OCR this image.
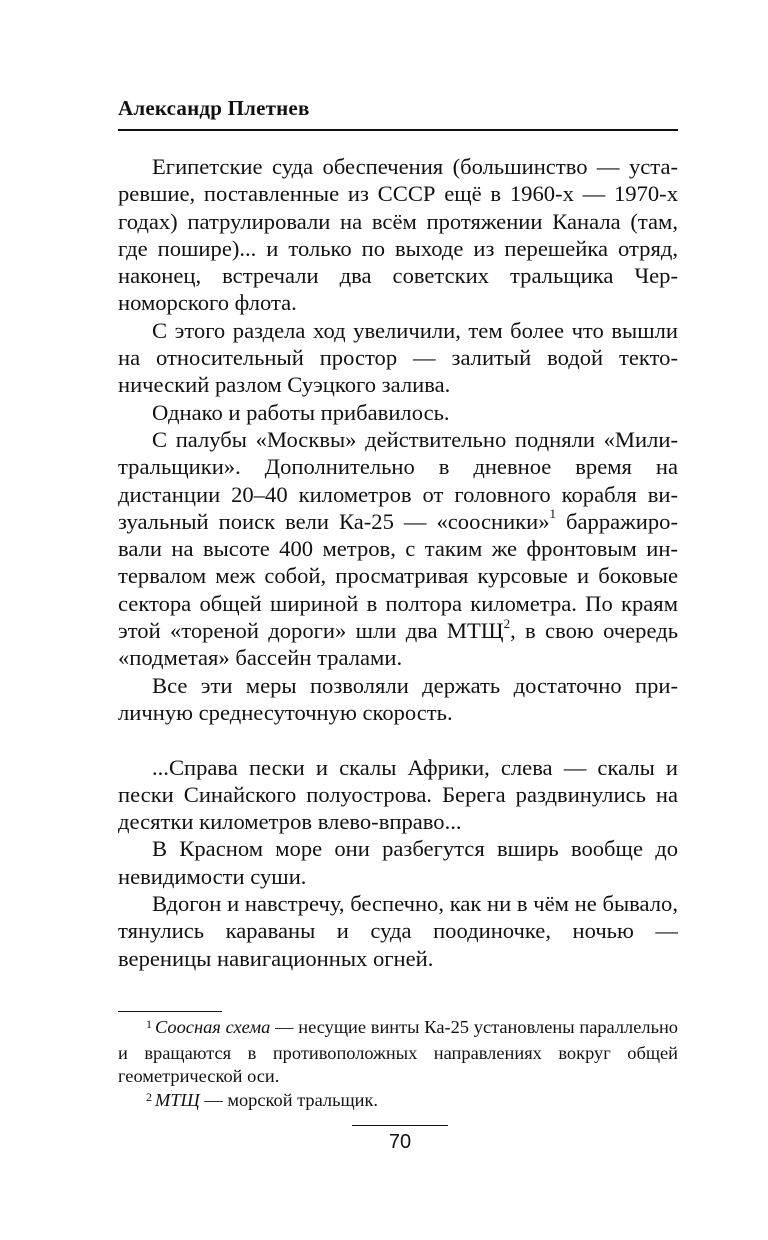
Александр Плетнев

Египетские суда обеспечения (большинство — устаревшие, поставленные из СССР ещё в 1960-х — 1970-х годах) патрулировали на всём протяжении Канала (там, где пошире)... и только по выходе из перешейка отряд, наконец, встречали два советских тральщика Черноморского флота.

С этого раздела ход увеличили, тем более что вышли на относительный простор — залитый водой тектонический разлом Суэцкого залива.

Однако и работы прибавилось.

С палубы «Москвы» действительно подняли «Мили-тральщики». Дополнительно в дневное время на дистанции 20–40 километров от головного корабля визуальный поиск вели Ка-25 — «соосники»$^1$ барражировали на высоте 400 метров, с таким же фронтовым интервалом меж собой, просматривая курсовые и боковые сектора общей шириной в полтора километра. По краям этой «тореной дороги» шли два МТЩ$^2$, в свою очередь «подметая» бассейн тралами.

Все эти меры позволяли держать достаточно приличную среднесуточную скорость.

...Справа пески и скалы Африки, слева — скалы и пески Синайского полуострова. Берега раздвинулись на десятки километров влево-вправо...

В Красном море они разбегутся вширь вообще до невидимости суши.

Вдогон и навстречу, беспечно, как ни в чём не бывало, тянулись караваны и суда поодиночке, ночью — вереницы навигационных огней.

$^1$ Соосная схема — несущие винты Ка-25 установлены параллельно и вращаются в противоположных направлениях вокруг общей геометрической оси.

$^2$ МТЩ — морской тральщик.

70
